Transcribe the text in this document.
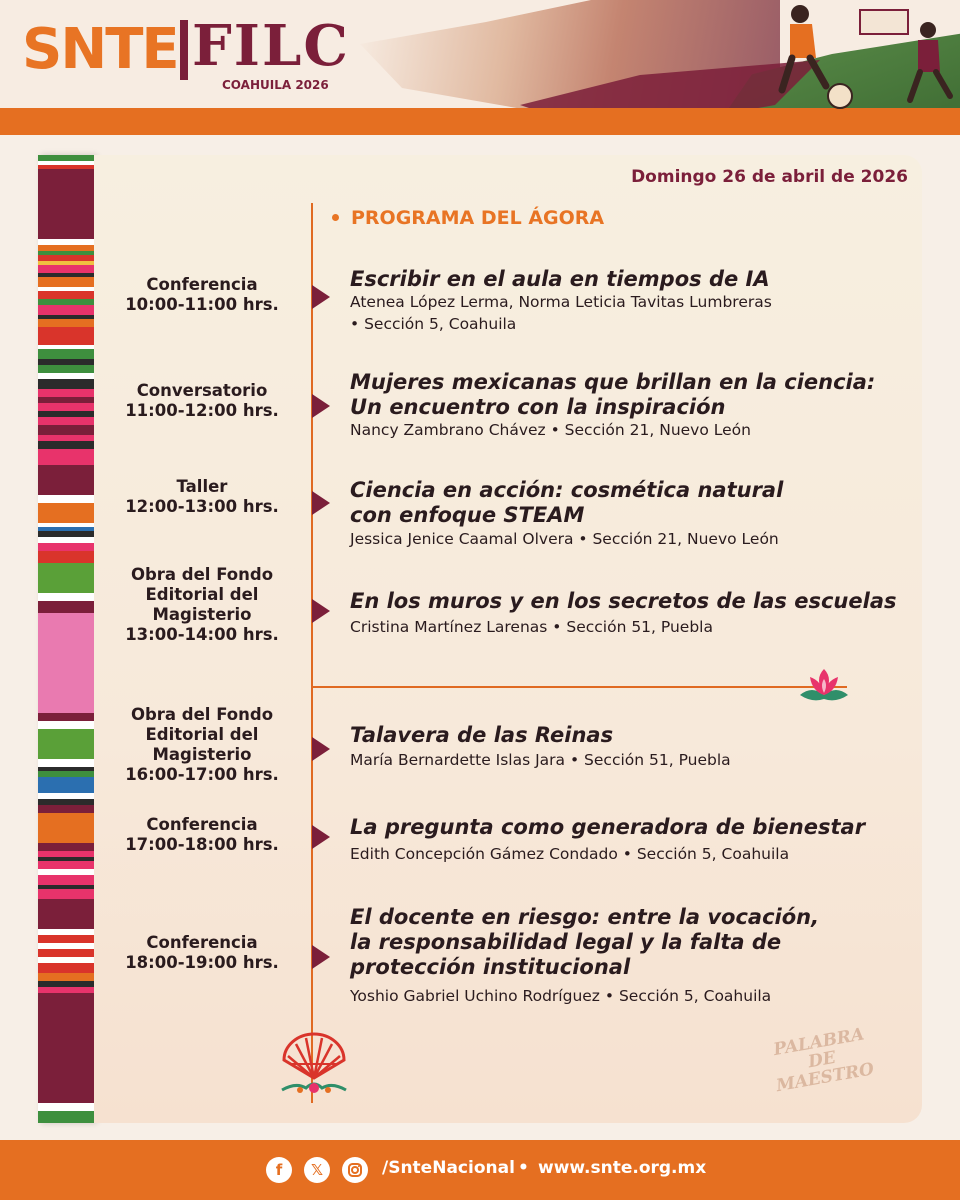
SNTE FILC
COAHUILA 2026
Domingo 26 de abril de 2026
PROGRAMA DEL ÁGORA
Conferencia
10:00-11:00 hrs.
Escribir en el aula en tiempos de IA
Atenea López Lerma, Norma Leticia Tavitas Lumbreras
• Sección 5, Coahuila
Conversatorio
11:00-12:00 hrs.
Mujeres mexicanas que brillan en la ciencia:
Un encuentro con la inspiración
Nancy Zambrano Chávez • Sección 21, Nuevo León
Taller
12:00-13:00 hrs.
Ciencia en acción: cosmética natural
con enfoque STEAM
Jessica Jenice Caamal Olvera • Sección 21, Nuevo León
Obra del Fondo Editorial del Magisterio
13:00-14:00 hrs.
En los muros y en los secretos de las escuelas
Cristina Martínez Larenas • Sección 51, Puebla
Obra del Fondo Editorial del Magisterio
16:00-17:00 hrs.
Talavera de las Reinas
María Bernardette Islas Jara • Sección 51, Puebla
Conferencia
17:00-18:00 hrs.
La pregunta como generadora de bienestar
Edith Concepción Gámez Condado • Sección 5, Coahuila
Conferencia
18:00-19:00 hrs.
El docente en riesgo: entre la vocación,
la responsabilidad legal y la falta de
protección institucional
Yoshio Gabriel Uchino Rodríguez • Sección 5, Coahuila
PALABRA DE MAESTRO
f	𝕏	/SnteNacional • www.snte.org.mx
